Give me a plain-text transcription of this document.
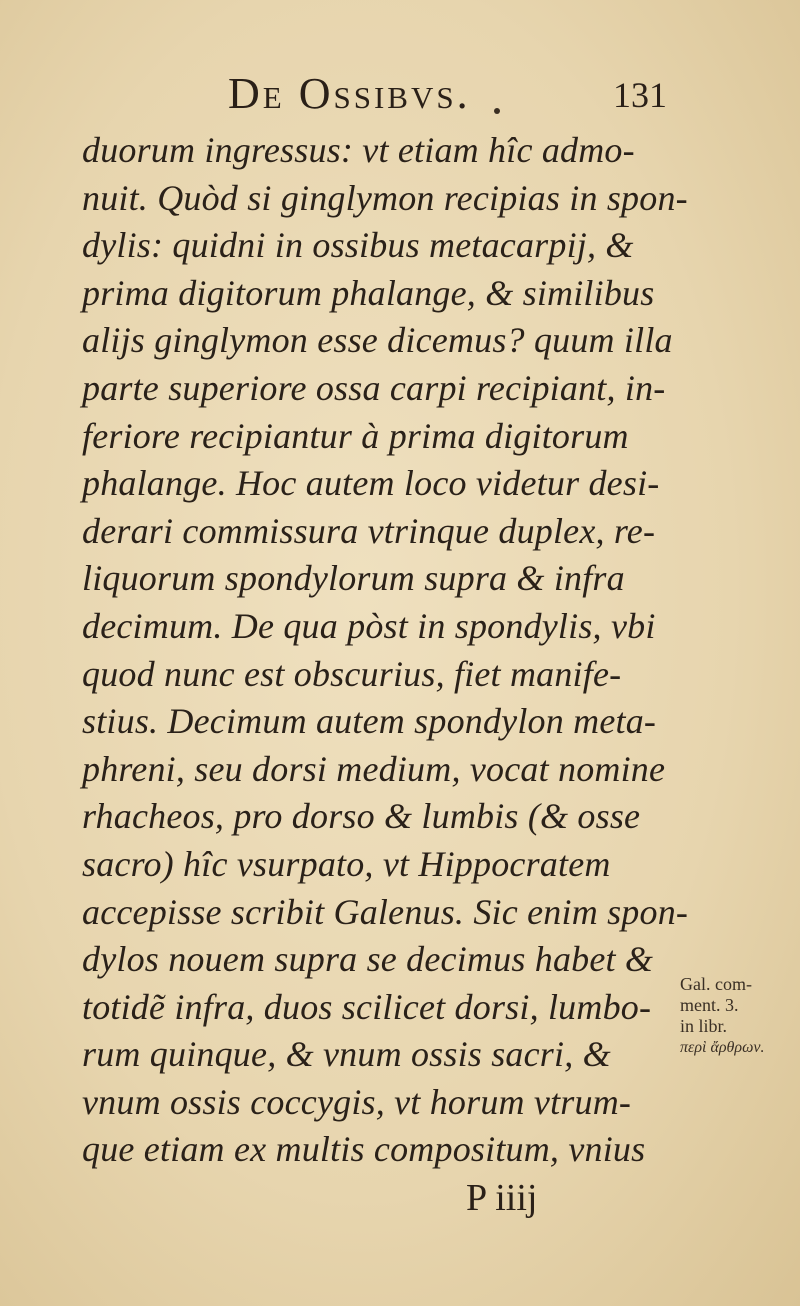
De Ossibvs.	131
duorum ingressus: vt etiam hîc admo-
nuit. Quòd si ginglymon recipias in spon-
dylis: quidni in ossibus metacarpij, &
prima digitorum phalange, & similibus
alijs ginglymon esse dicemus? quum illa
parte superiore ossa carpi recipiant, in-
feriore recipiantur à prima digitorum
phalange. Hoc autem loco videtur desi-
derari commissura vtrinque duplex, re-
liquorum spondylorum supra & infra
decimum. De qua pòst in spondylis, vbi
quod nunc est obscurius, fiet manife-
stius. Decimum autem spondylon meta-
phreni, seu dorsi medium, vocat nomine
rhacheos, pro dorso & lumbis (& osse
sacro) hîc vsurpato, vt Hippocratem
accepisse scribit Galenus. Sic enim spon-
dylos nouem supra se decimus habet &
totidẽ infra, duos scilicet dorsi, lumbo-
rum quinque, & vnum ossis sacri, &
vnum ossis coccygis, vt horum vtrum-
que etiam ex multis compositum, vnius
Gal. com-
ment. 3.
in libr.
περὶ ἄρθρων.
P iiij
